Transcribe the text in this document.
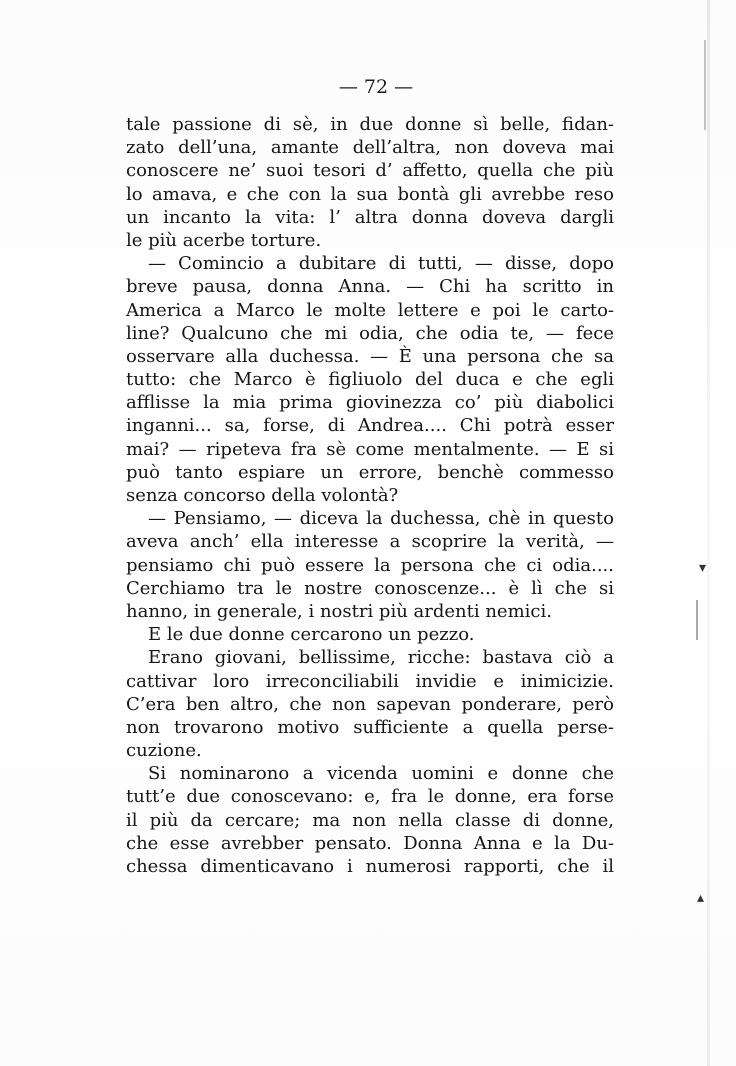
— 72 —
tale passione di sè, in due donne sì belle, fidan-
zato dell’una, amante dell’altra, non doveva mai
conoscere ne’ suoi tesori d’ affetto, quella che più
lo amava, e che con la sua bontà gli avrebbe reso
un incanto la vita: l’ altra donna doveva dargli
le più acerbe torture.
— Comincio a dubitare di tutti, — disse, dopo
breve pausa, donna Anna. — Chi ha scritto in
America a Marco le molte lettere e poi le carto-
line? Qualcuno che mi odia, che odia te, — fece
osservare alla duchessa. — È una persona che sa
tutto: che Marco è figliuolo del duca e che egli
afflisse la mia prima giovinezza co’ più diabolici
inganni... sa, forse, di Andrea.... Chi potrà esser
mai? — ripeteva fra sè come mentalmente. — E si
può tanto espiare un errore, benchè commesso
senza concorso della volontà?
— Pensiamo, — diceva la duchessa, chè in questo
aveva anch’ ella interesse a scoprire la verità, —
pensiamo chi può essere la persona che ci odia....
Cerchiamo tra le nostre conoscenze... è lì che si
hanno, in generale, i nostri più ardenti nemici.
E le due donne cercarono un pezzo.
Erano giovani, bellissime, ricche: bastava ciò a
cattivar loro irreconciliabili invidie e inimicizie.
C’era ben altro, che non sapevan ponderare, però
non trovarono motivo sufficiente a quella perse-
cuzione.
Si nominarono a vicenda uomini e donne che
tutt’e due conoscevano: e, fra le donne, era forse
il più da cercare; ma non nella classe di donne,
che esse avrebber pensato. Donna Anna e la Du-
chessa dimenticavano i numerosi rapporti, che il
▾
▴
